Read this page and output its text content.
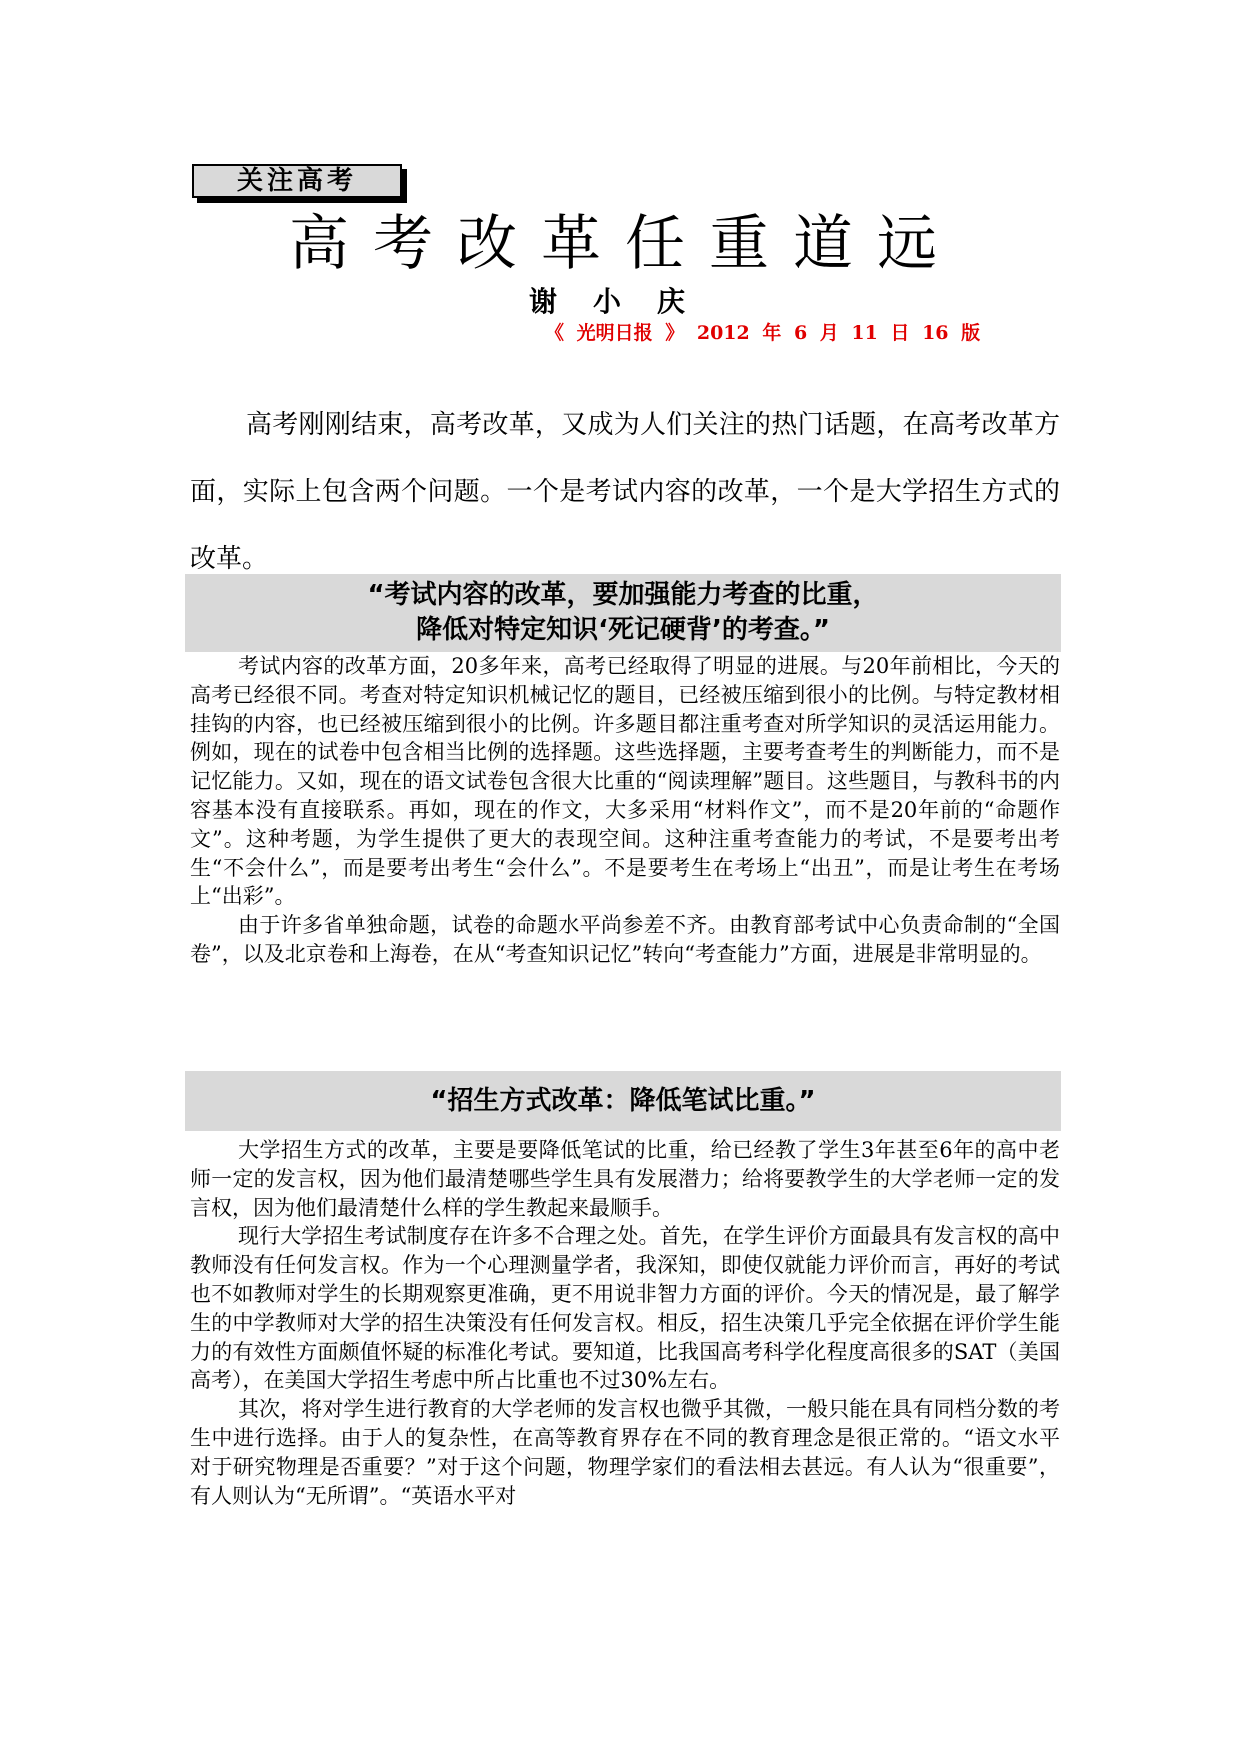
关注高考
高考改革任重道远
谢小庆
《 光明日报 》 2012 年 6 月 11 日 16 版

高考刚刚结束，高考改革，又成为人们关注的热门话题，在高考改革方面，实际上包含两个问题。一个是考试内容的改革，一个是大学招生方式的改革。

“考试内容的改革，要加强能力考查的比重，
降低对特定知识‘死记硬背’的考查。”

考试内容的改革方面，20多年来，高考已经取得了明显的进展。与20年前相比，今天的高考已经很不同。考查对特定知识机械记忆的题目，已经被压缩到很小的比例。与特定教材相挂钩的内容，也已经被压缩到很小的比例。许多题目都注重考查对所学知识的灵活运用能力。例如，现在的试卷中包含相当比例的选择题。这些选择题，主要考查考生的判断能力，而不是记忆能力。又如，现在的语文试卷包含很大比重的“阅读理解”题目。这些题目，与教科书的内容基本没有直接联系。再如，现在的作文，大多采用“材料作文”，而不是20年前的“命题作文”。这种考题，为学生提供了更大的表现空间。这种注重考查能力的考试，不是要考出考生“不会什么”，而是要考出考生“会什么”。不是要考生在考场上“出丑”，而是让考生在考场上“出彩”。

由于许多省单独命题，试卷的命题水平尚参差不齐。由教育部考试中心负责命制的“全国卷”，以及北京卷和上海卷，在从“考查知识记忆”转向“考查能力”方面，进展是非常明显的。

“招生方式改革：降低笔试比重。”

大学招生方式的改革，主要是要降低笔试的比重，给已经教了学生3年甚至6年的高中老师一定的发言权，因为他们最清楚哪些学生具有发展潜力；给将要教学生的大学老师一定的发言权，因为他们最清楚什么样的学生教起来最顺手。

现行大学招生考试制度存在许多不合理之处。首先，在学生评价方面最具有发言权的高中教师没有任何发言权。作为一个心理测量学者，我深知，即使仅就能力评价而言，再好的考试也不如教师对学生的长期观察更准确，更不用说非智力方面的评价。今天的情况是，最了解学生的中学教师对大学的招生决策没有任何发言权。相反，招生决策几乎完全依据在评价学生能力的有效性方面颇值怀疑的标准化考试。要知道，比我国高考科学化程度高很多的SAT（美国高考），在美国大学招生考虑中所占比重也不过30%左右。

其次，将对学生进行教育的大学老师的发言权也微乎其微，一般只能在具有同档分数的考生中进行选择。由于人的复杂性，在高等教育界存在不同的教育理念是很正常的。“语文水平对于研究物理是否重要？”对于这个问题，物理学家们的看法相去甚远。有人认为“很重要”，有人则认为“无所谓”。“英语水平对
